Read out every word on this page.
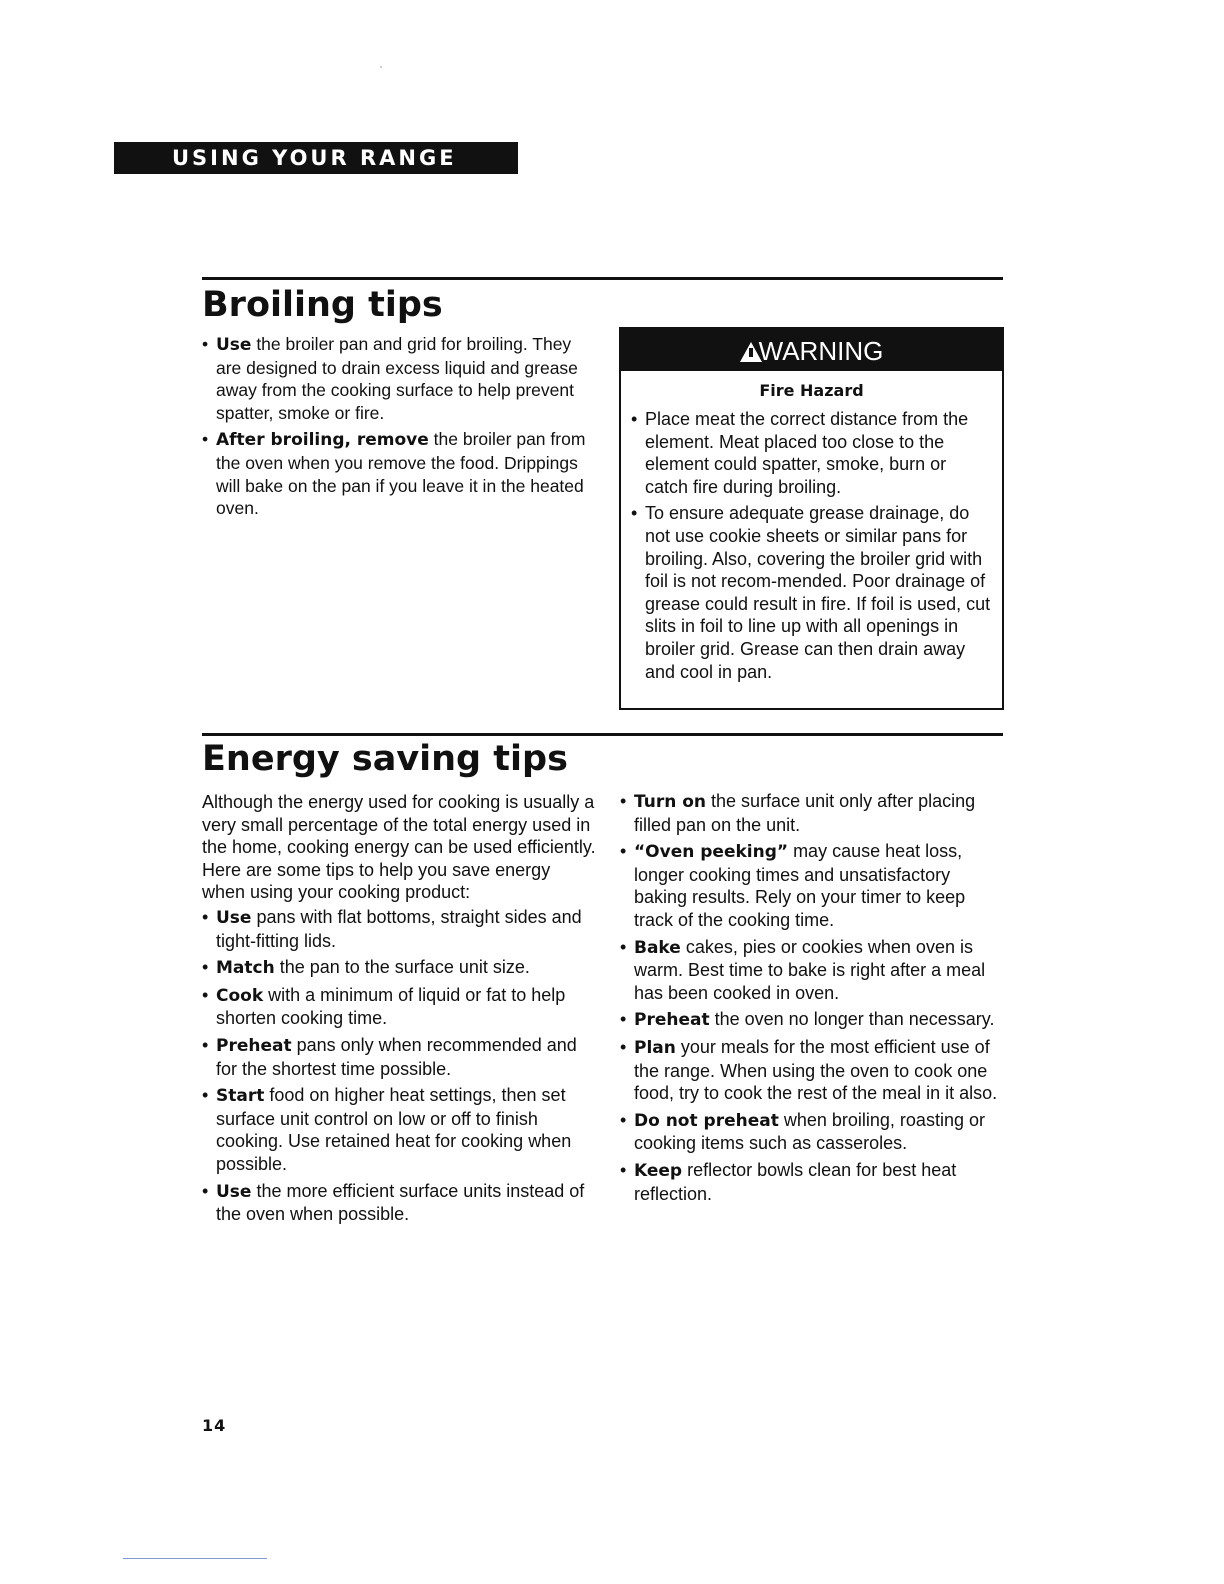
USING YOUR RANGE
Broiling tips
• Use the broiler pan and grid for broiling. They are designed to drain excess liquid and grease away from the cooking surface to help prevent spatter, smoke or fire.
• After broiling, remove the broiler pan from the oven when you remove the food. Drippings will bake on the pan if you leave it in the heated oven.
WARNING
Fire Hazard
• Place meat the correct distance from the element. Meat placed too close to the element could spatter, smoke, burn or catch fire during broiling.
• To ensure adequate grease drainage, do not use cookie sheets or similar pans for broiling. Also, covering the broiler grid with foil is not recom-mended. Poor drainage of grease could result in fire. If foil is used, cut slits in foil to line up with all openings in broiler grid. Grease can then drain away and cool in pan.
Energy saving tips

Although the energy used for cooking is usually a very small percentage of the total energy used in the home, cooking energy can be used efficiently. Here are some tips to help you save energy when using your cooking product:

• Use pans with flat bottoms, straight sides and tight-fitting lids.
• Match the pan to the surface unit size.
• Cook with a minimum of liquid or fat to help shorten cooking time.
• Preheat pans only when recommended and for the shortest time possible.
• Start food on higher heat settings, then set surface unit control on low or off to finish cooking. Use retained heat for cooking when possible.
• Use the more efficient surface units instead of the oven when possible.
• Turn on the surface unit only after placing filled pan on the unit.
• “Oven peeking” may cause heat loss, longer cooking times and unsatisfactory baking results. Rely on your timer to keep track of the cooking time.
• Bake cakes, pies or cookies when oven is warm. Best time to bake is right after a meal has been cooked in oven.
• Preheat the oven no longer than necessary.
• Plan your meals for the most efficient use of the range. When using the oven to cook one food, try to cook the rest of the meal in it also.
• Do not preheat when broiling, roasting or cooking items such as casseroles.
• Keep reflector bowls clean for best heat reflection.
14
